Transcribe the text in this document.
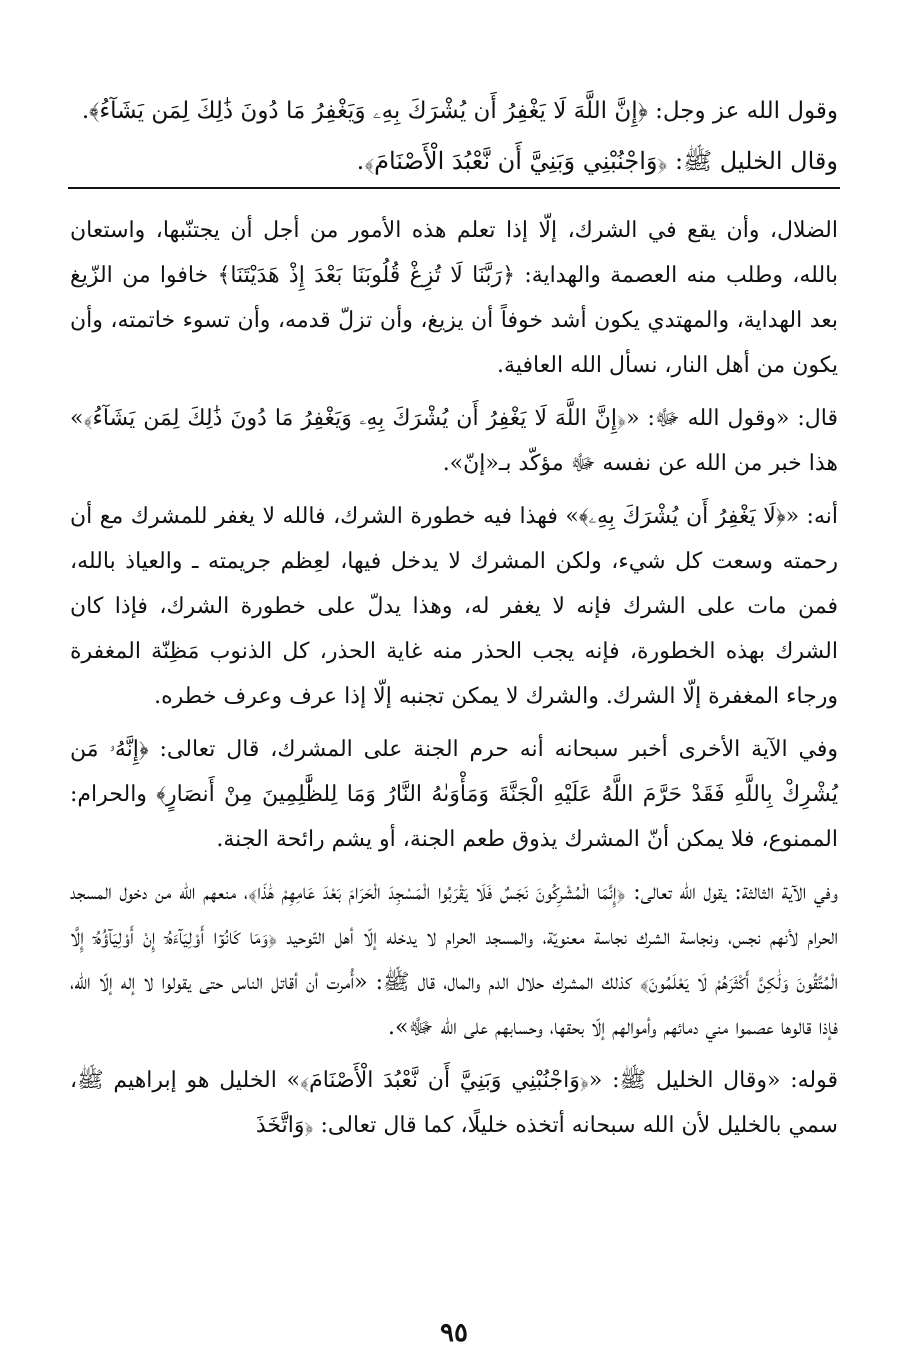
وقول الله عز وجل: ﴿إِنَّ اللَّهَ لَا يَغْفِرُ أَن يُشْرَكَ بِهِۦ وَيَغْفِرُ مَا دُونَ ذَٰلِكَ لِمَن يَشَآءُ﴾.

وقال الخليل ﷺ: ﴿وَاجْنُبْنِي وَبَنِيَّ أَن نَّعْبُدَ الْأَصْنَامَ﴾.

الضلال، وأن يقع في الشرك، إلّا إذا تعلم هذه الأمور من أجل أن يجتنّبها، واستعان بالله، وطلب منه العصمة والهداية: ﴿رَبَّنَا لَا تُزِغْ قُلُوبَنَا بَعْدَ إِذْ هَدَيْتَنَا﴾ خافوا من الزّيغ بعد الهداية، والمهتدي يكون أشد خوفاً أن يزيغ، وأن تزلّ قدمه، وأن تسوء خاتمته، وأن يكون من أهل النار، نسأل الله العافية.

قال: «وقول الله ﷻ: «﴿إِنَّ اللَّهَ لَا يَغْفِرُ أَن يُشْرَكَ بِهِۦ وَيَغْفِرُ مَا دُونَ ذَٰلِكَ لِمَن يَشَآءُ﴾» هذا خبر من الله عن نفسه ﷻ مؤكّد بـ«إنّ».

أنه: «﴿لَا يَغْفِرُ أَن يُشْرَكَ بِهِۦ﴾» فهذا فيه خطورة الشرك، فالله لا يغفر للمشرك مع أن رحمته وسعت كل شيء، ولكن المشرك لا يدخل فيها، لعِظم جريمته ـ والعياذ بالله، فمن مات على الشرك فإنه لا يغفر له، وهذا يدلّ على خطورة الشرك، فإذا كان الشرك بهذه الخطورة، فإنه يجب الحذر منه غاية الحذر، كل الذنوب مَظِنّة المغفرة ورجاء المغفرة إلّا الشرك. والشرك لا يمكن تجنبه إلّا إذا عرف وعرف خطره.

وفي الآية الأخرى أخبر سبحانه أنه حرم الجنة على المشرك، قال تعالى: ﴿إِنَّهُۥ مَن يُشْرِكْ بِاللَّهِ فَقَدْ حَرَّمَ اللَّهُ عَلَيْهِ الْجَنَّةَ وَمَأْوَىٰهُ النَّارُ وَمَا لِلظَّٰلِمِينَ مِنْ أَنصَارٍ﴾ والحرام: الممنوع، فلا يمكن أنّ المشرك يذوق طعم الجنة، أو يشم رائحة الجنة.

وفي الآية الثالثة: يقول الله تعالى: ﴿إِنَّمَا الْمُشْرِكُونَ نَجَسٌ فَلَا يَقْرَبُوا الْمَسْجِدَ الْحَرَامَ بَعْدَ عَامِهِمْ هَٰذَا﴾، منعهم الله من دخول المسجد الحرام لأنهم نجس، ونجاسة الشرك نجاسة معنويّة، والمسجد الحرام لا يدخله إلّا أهل التّوحيد ﴿وَمَا كَانُوٓا أَوْلِيَآءَهُۥٓ إِنْ أَوْلِيَآؤُهُۥٓ إِلَّا الْمُتَّقُونَ وَلَٰكِنَّ أَكْثَرَهُمْ لَا يَعْلَمُونَ﴾ كذلك المشرك حلال الدم والمال، قال ﷺ: «أُمرت أن أقاتل الناس حتى يقولوا لا إله إلّا الله، فإذا قالوها عصموا مني دمائهم وأموالهم إلّا بحقها، وحسابهم على الله ﷻ».

قوله: «وقال الخليل ﷺ: «﴿وَاجْنُبْنِي وَبَنِيَّ أَن نَّعْبُدَ الْأَصْنَامَ﴾» الخليل هو إبراهيم ﷺ، سمي بالخليل لأن الله سبحانه أتخذه خليلًا، كما قال تعالى: ﴿وَاتَّخَذَ

٩٥
